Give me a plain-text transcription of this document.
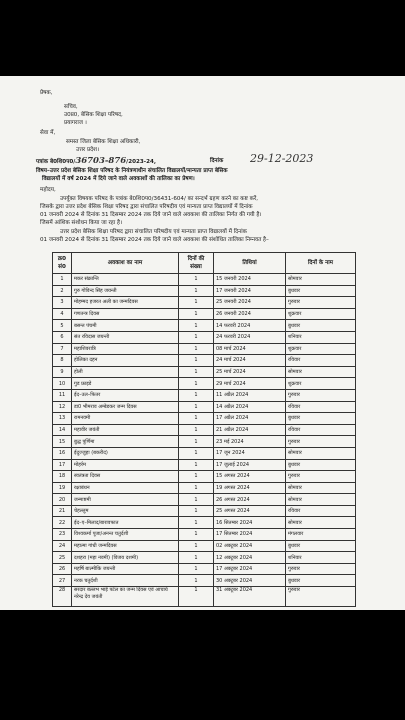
प्रेषक,
सचिव,
उ0प्र0, बेसिक शिक्षा परिषद,
प्रयागराज ।
सेवा में,
समस्त जिला बेसिक शिक्षा अधिकारी,
उत्तर प्रदेश।
पत्रांक बे0शि0प0/36703-876/2023-24,	दिनांक 29-12-2023
विषय–उत्तर प्रदेश बेसिक शिक्षा परिषद के नियंत्रणाधीन संचालित विद्यालयों/मान्यता प्राप्त बेसिक
विद्यालयों में वर्ष 2024 में दिये जाने वाले अवकाशों की तालिका का प्रेषण।
महोदय,
उपर्युक्त विषयक परिषद के पत्रांक बे0शि0प0/36431-604/ का सन्दर्भ ग्रहण करने का कष्ट करें,
जिसके द्वारा उत्तर प्रदेश बेसिक शिक्षा परिषद द्वारा संचालित परिषदीय एवं मान्यता प्राप्त विद्यालयों में दिनांक
01 जनवरी 2024 से दिनांक 31 दिसम्बर 2024 तक दिये जाने वाले अवकाश की तालिका निर्गत की गयी है।
जिसमें आंशिक संशोधन किया जा रहा है।
उत्तर प्रदेश बेसिक शिक्षा परिषद द्वारा संचालित परिषदीय एवं मान्यता प्राप्त विद्यालयों में दिनांक
01 जनवरी 2024 से दिनांक 31 दिसम्बर 2024 तक दिये जाने वाले अवकाश की संशोधित तालिका निम्नवत है–
क्र0 सं0	अवकाश का नाम	दिनों की संख्या	तिथियां	दिनों के नाम
1	मकर संक्रान्ति	1	15 जनवरी 2024	सोमवार
2	गुरु गोविन्द सिंह जयन्ती	1	17 जनवरी 2024	बुधवार
3	मोहम्मद हजरत अली का जन्मदिवस	1	25 जनवरी 2024	गुरुवार
4	गणतन्त्र दिवस	1	26 जनवरी 2024	शुक्रवार
5	बसन्त पंचमी	1	14 फरवरी 2024	बुधवार
6	संत रविदास जयन्ती	1	24 फरवरी 2024	शनिवार
7	महाशिवरात्रि	1	08 मार्च 2024	शुक्रवार
8	होलिका दहन	1	24 मार्च 2024	रविवार
9	होली	1	25 मार्च 2024	सोमवार
10	गुड फ्राइडे	1	29 मार्च 2024	शुक्रवार
11	ईद–उल–फितर	1	11 अप्रैल 2024	गुरुवार
12	डा0 भीमराव अम्बेडकर जन्म दिवस	1	14 अप्रैल 2024	रविवार
13	रामनवमी	1	17 अप्रैल 2024	बुधवार
14	महावीर जयंती	1	21 अप्रैल 2024	रविवार
15	बुद्ध पूर्णिमा	1	23 मई 2024	गुरुवार
16	ईदुज्जुहा (बकरीद)	1	17 जून 2024	सोमवार
17	मोहर्रम	1	17 जुलाई 2024	बुधवार
18	स्वतंत्रता दिवस	1	15 अगस्त 2024	गुरुवार
19	रक्षाबंधन	1	19 अगस्त 2024	सोमवार
20	जन्माष्टमी	1	26 अगस्त 2024	सोमवार
21	चेहल्लुम	1	25 अगस्त 2024	रविवार
22	ईद–ए–मिलाद/बारावफात	1	16 सितम्बर 2024	सोमवार
23	विश्वकर्मा पूजा/अनन्त चतुर्दशी	1	17 सितम्बर 2024	मंगलवार
24	महात्मा गांधी जन्मदिवस	1	02 अक्टूबर 2024	बुधवार
25	दशहरा (महा नवमी) (विजय दशमी)	1	12 अक्टूबर 2024	शनिवार
26	महर्षि बाल्मीकि जयन्ती	1	17 अक्टूबर 2024	गुरुवार
27	नरक चतुर्दशी	1	30 अक्टूबर 2024	बुधवार
28	सरदार बल्लभ भाई पटेल का जन्म दिवस एवं आचार्य नरेन्द्र देव जयंती	1	31 अक्टूबर 2024	गुरुवार
